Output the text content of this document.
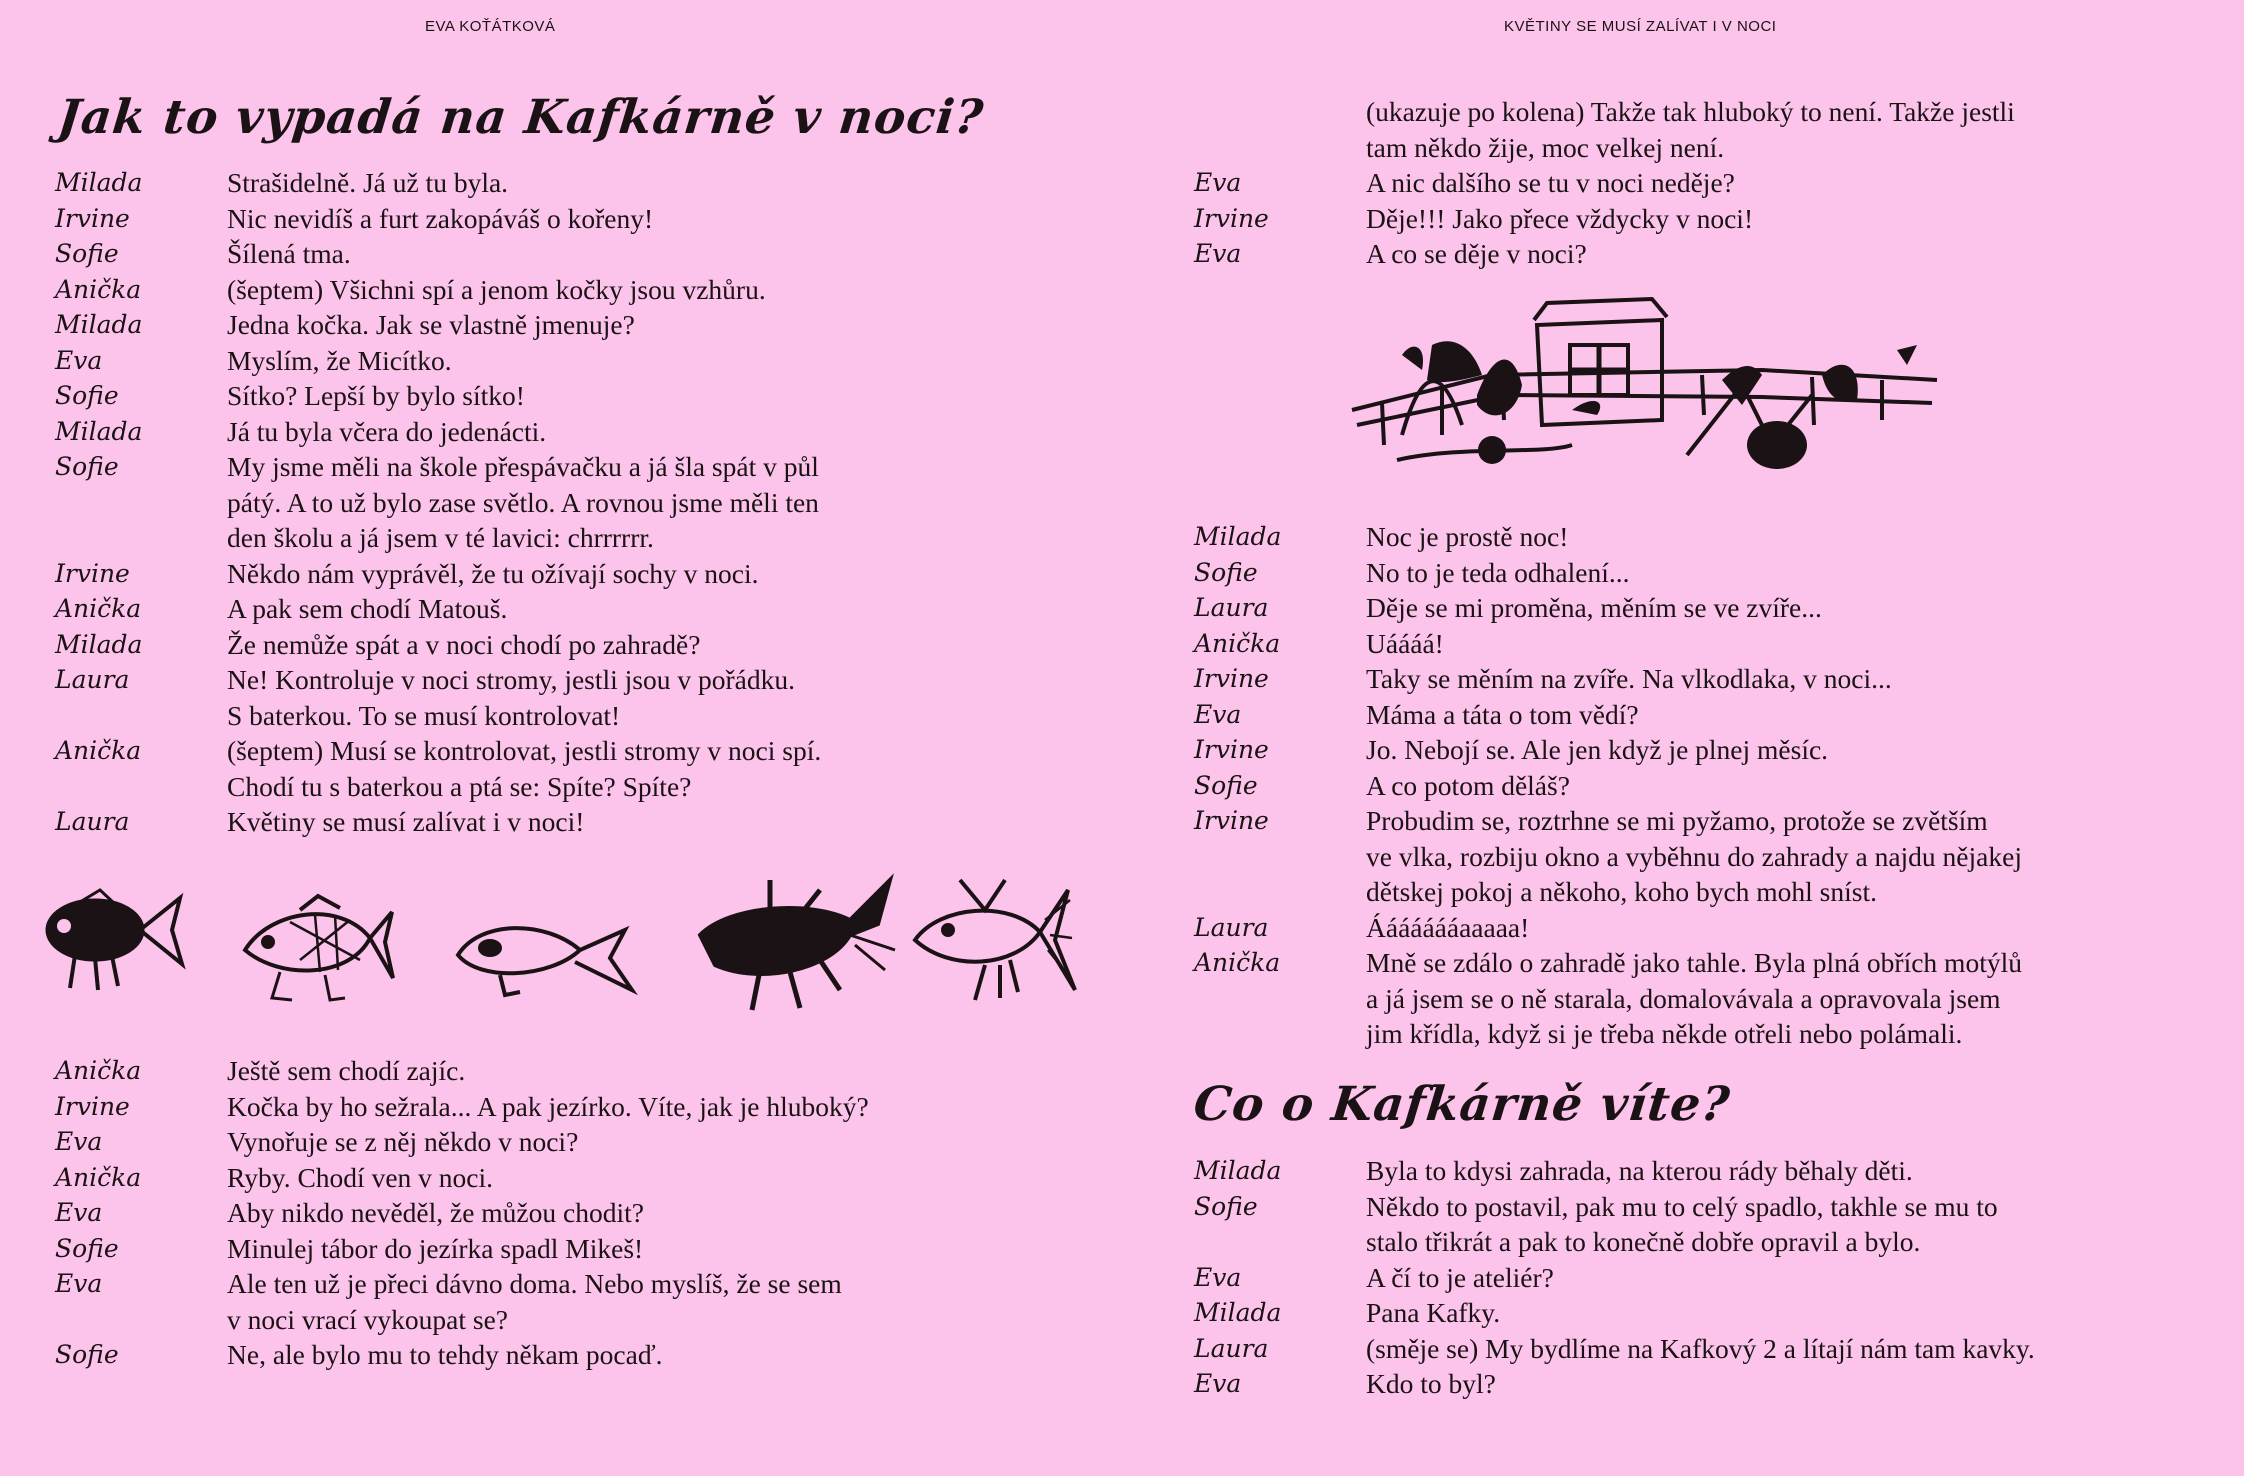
EVA KOŤÁTKOVÁ
Jak to vypadá na Kafkárně v noci?
Milada	Strašidelně. Já už tu byla.
Irvine	Nic nevidíš a furt zakopáváš o kořeny!
Sofie	Šílená tma.
Anička	(šeptem) Všichni spí a jenom kočky jsou vzhůru.
Milada	Jedna kočka. Jak se vlastně jmenuje?
Eva	Myslím, že Micítko.
Sofie	Sítko? Lepší by bylo sítko!
Milada	Já tu byla včera do jedenácti.
Sofie	My jsme měli na škole přespávačku a já šla spát v půl
pátý. A to už bylo zase světlo. A rovnou jsme měli ten
den školu a já jsem v té lavici: chrrrrrr.
Irvine	Někdo nám vyprávěl, že tu ožívají sochy v noci.
Anička	A pak sem chodí Matouš.
Milada	Že nemůže spát a v noci chodí po zahradě?
Laura	Ne! Kontroluje v noci stromy, jestli jsou v pořádku.
S baterkou. To se musí kontrolovat!
Anička	(šeptem) Musí se kontrolovat, jestli stromy v noci spí.
Chodí tu s baterkou a ptá se: Spíte? Spíte?
Laura	Květiny se musí zalívat i v noci!
Anička	Ještě sem chodí zajíc.
Irvine	Kočka by ho sežrala... A pak jezírko. Víte, jak je hluboký?
Eva	Vynořuje se z něj někdo v noci?
Anička	Ryby. Chodí ven v noci.
Eva	Aby nikdo nevěděl, že můžou chodit?
Sofie	Minulej tábor do jezírka spadl Mikeš!
Eva	Ale ten už je přeci dávno doma. Nebo myslíš, že se sem
v noci vrací vykoupat se?
Sofie	Ne, ale bylo mu to tehdy někam pocaď.
KVĚTINY SE MUSÍ ZALÍVAT I V NOCI
(ukazuje po kolena) Takže tak hluboký to není. Takže jestli
tam někdo žije, moc velkej není.
Eva	A nic dalšího se tu v noci neděje?
Irvine	Děje!!! Jako přece vždycky v noci!
Eva	A co se děje v noci?
Milada	Noc je prostě noc!
Sofie	No to je teda odhalení...
Laura	Děje se mi proměna, měním se ve zvíře...
Anička	Uáááá!
Irvine	Taky se měním na zvíře. Na vlkodlaka, v noci...
Eva	Máma a táta o tom vědí?
Irvine	Jo. Nebojí se. Ale jen když je plnej měsíc.
Sofie	A co potom děláš?
Irvine	Probudim se, roztrhne se mi pyžamo, protože se zvětším
ve vlka, rozbiju okno a vyběhnu do zahrady a najdu nějakej
dětskej pokoj a někoho, koho bych mohl sníst.
Laura	Áááááááaaaaa!
Anička	Mně se zdálo o zahradě jako tahle. Byla plná obřích motýlů
a já jsem se o ně starala, domalovávala a opravovala jsem
jim křídla, když si je třeba někde otřeli nebo polámali.
Co o Kafkárně víte?
Milada	Byla to kdysi zahrada, na kterou rády běhaly děti.
Sofie	Někdo to postavil, pak mu to celý spadlo, takhle se mu to
stalo třikrát a pak to konečně dobře opravil a bylo.
Eva	A čí to je ateliér?
Milada	Pana Kafky.
Laura	(směje se) My bydlíme na Kafkový 2 a lítají nám tam kavky.
Eva	Kdo to byl?
